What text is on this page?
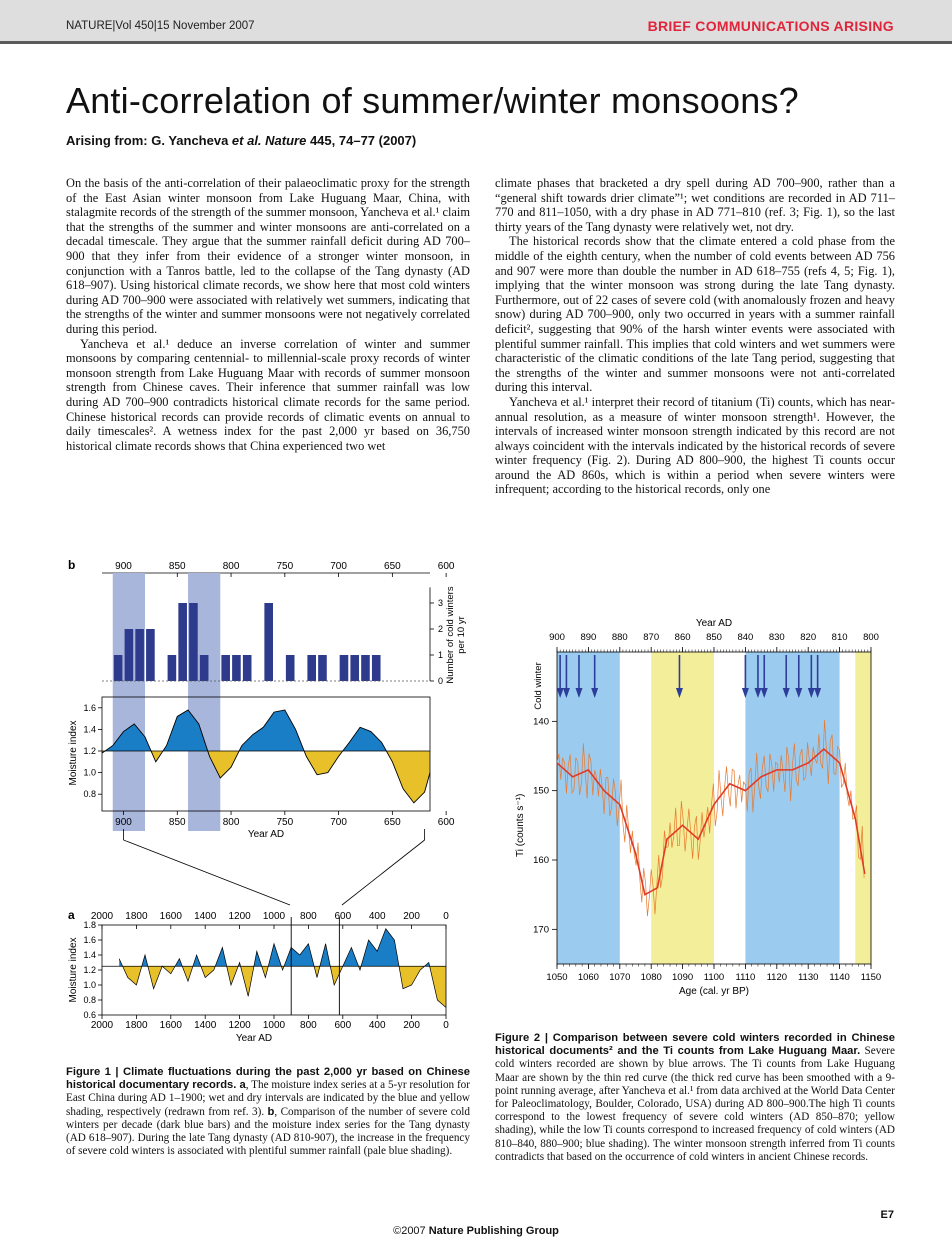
NATURE|Vol 450|15 November 2007	BRIEF COMMUNICATIONS ARISING
Anti-correlation of summer/winter monsoons?
Arising from: G. Yancheva et al. Nature 445, 74–77 (2007)

On the basis of the anti-correlation of their palaeoclimatic proxy for the strength of the East Asian winter monsoon from Lake Huguang Maar, China, with stalagmite records of the strength of the summer monsoon, Yancheva et al.¹ claim that the strengths of the summer and winter monsoons are anti-correlated on a decadal timescale. They argue that the summer rainfall deficit during AD 700–900 that they infer from their evidence of a stronger winter monsoon, in conjunction with a Tanros battle, led to the collapse of the Tang dynasty (AD 618–907). Using historical climate records, we show here that most cold winters during AD 700–900 were associated with relatively wet summers, indicating that the strengths of the winter and summer monsoons were not negatively correlated during this period.

Yancheva et al.¹ deduce an inverse correlation of winter and summer monsoons by comparing centennial- to millennial-scale proxy records of winter monsoon strength from Lake Huguang Maar with records of summer monsoon strength from Chinese caves. Their inference that summer rainfall was low during AD 700–900 contradicts historical climate records for the same period. Chinese historical records can provide records of climatic events on annual to daily timescales². A wetness index for the past 2,000 yr based on 36,750 historical climate records shows that China experienced two wet

climate phases that bracketed a dry spell during AD 700–900, rather than a “general shift towards drier climate”¹; wet conditions are recorded in AD 711–770 and 811–1050, with a dry phase in AD 771–810 (ref. 3; Fig. 1), so the last thirty years of the Tang dynasty were relatively wet, not dry.

The historical records show that the climate entered a cold phase from the middle of the eighth century, when the number of cold events between AD 756 and 907 were more than double the number in AD 618–755 (refs 4, 5; Fig. 1), implying that the winter monsoon was strong during the late Tang dynasty. Furthermore, out of 22 cases of severe cold (with anomalously frozen and heavy snow) during AD 700–900, only two occurred in years with a summer rainfall deficit², suggesting that 90% of the harsh winter events were associated with plentiful summer rainfall. This implies that cold winters and wet summers were characteristic of the climatic conditions of the late Tang period, suggesting that the strengths of the winter and summer monsoons were not anti-correlated during this interval.

Yancheva et al.¹ interpret their record of titanium (Ti) counts, which has near-annual resolution, as a measure of winter monsoon strength¹. However, the intervals of increased winter monsoon strength indicated by this record are not always coincident with the intervals indicated by the historical records of severe winter frequency (Fig. 2). During AD 800–900, the highest Ti counts occur around the AD 860s, which is within a period when severe winters were infrequent; according to the historical records, only one

b	900	850	800	750	700	650	600
0
1
2
3 Number of cold winters per 10 yr
1.6
1.4
1.2
1.0
0.8
Moisture index
900	850	800	750	700	650	600
Year AD
a 2000
2000
1800
1800
1600
1600
1400
1400
1200
1200
1000
1000
800
800
600
600
400
400
200
200
0
0
1.8
1.6
1.4
1.2
1.0
0.8
0.6
Moisture index
Year AD
Year AD
900 890 880 870 860 850 840 830 820 810 800
1050 1060 1070 1080 1090 1100 1110 1120 1130 1140 1150
Age (cal. yr BP)
140
150
160
170
Ti (counts s⁻¹)
Cold winter
Figure 1 | Climate fluctuations during the past 2,000 yr based on Chinese historical documentary records. a, The moisture index series at a 5-yr resolution for East China during AD 1–1900; wet and dry intervals are indicated by the blue and yellow shading, respectively (redrawn from ref. 3). b, Comparison of the number of severe cold winters per decade (dark blue bars) and the moisture index series for the Tang dynasty (AD 618–907). During the late Tang dynasty (AD 810-907), the increase in the frequency of severe cold winters is associated with plentiful summer rainfall (pale blue shading).
Figure 2 | Comparison between severe cold winters recorded in Chinese historical documents² and the Ti counts from Lake Huguang Maar. Severe cold winters recorded are shown by blue arrows. The Ti counts from Lake Huguang Maar are shown by the thin red curve (the thick red curve has been smoothed with a 9-point running average, after Yancheva et al.¹ from data archived at the World Data Center for Paleoclimatology, Boulder, Colorado, USA) during AD 800–900.The high Ti counts correspond to the lowest frequency of severe cold winters (AD 850–870; yellow shading), while the low Ti counts correspond to increased frequency of cold winters (AD 810–840, 880–900; blue shading). The winter monsoon strength inferred from Ti counts contradicts that based on the occurrence of cold winters in ancient Chinese records.
E7
©2007 Nature Publishing Group
